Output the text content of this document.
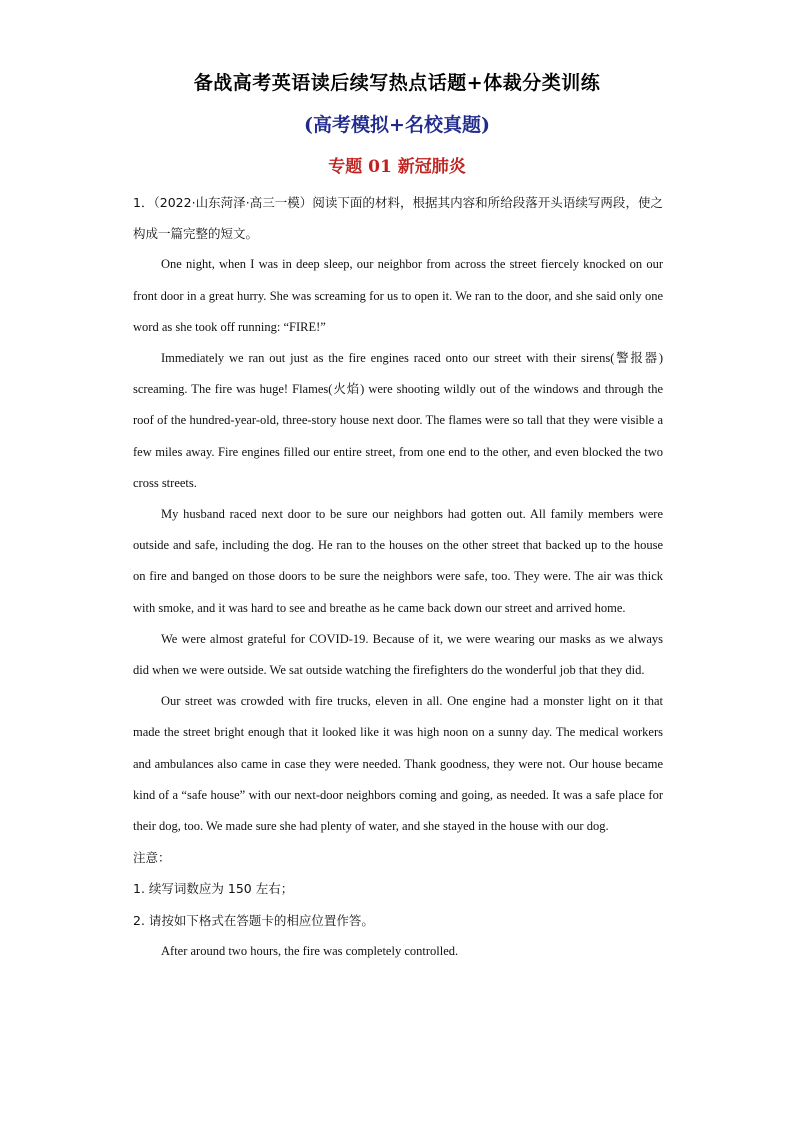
备战高考英语读后续写热点话题+体裁分类训练
(高考模拟+名校真题)
专题 01 新冠肺炎

1．（2022·山东菏泽·高三一模）阅读下面的材料，根据其内容和所给段落开头语续写两段，使之构成一篇完整的短文。

One night, when I was in deep sleep, our neighbor from across the street fiercely knocked on our front door in a great hurry. She was screaming for us to open it. We ran to the door, and she said only one word as she took off running: “FIRE!”

Immediately we ran out just as the fire engines raced onto our street with their sirens(警报器) screaming. The fire was huge! Flames(火焰) were shooting wildly out of the windows and through the roof of the hundred-year-old, three-story house next door. The flames were so tall that they were visible a few miles away. Fire engines filled our entire street, from one end to the other, and even blocked the two cross streets.

My husband raced next door to be sure our neighbors had gotten out. All family members were outside and safe, including the dog. He ran to the houses on the other street that backed up to the house on fire and banged on those doors to be sure the neighbors were safe, too. They were. The air was thick with smoke, and it was hard to see and breathe as he came back down our street and arrived home.

We were almost grateful for COVID-19. Because of it, we were wearing our masks as we always did when we were outside. We sat outside watching the firefighters do the wonderful job that they did.

Our street was crowded with fire trucks, eleven in all. One engine had a monster light on it that made the street bright enough that it looked like it was high noon on a sunny day. The medical workers and ambulances also came in case they were needed. Thank goodness, they were not. Our house became kind of a “safe house” with our next-door neighbors coming and going, as needed. It was a safe place for their dog, too. We made sure she had plenty of water, and she stayed in the house with our dog.

注意：

1. 续写词数应为 150 左右；

2. 请按如下格式在答题卡的相应位置作答。

After around two hours, the fire was completely controlled.
